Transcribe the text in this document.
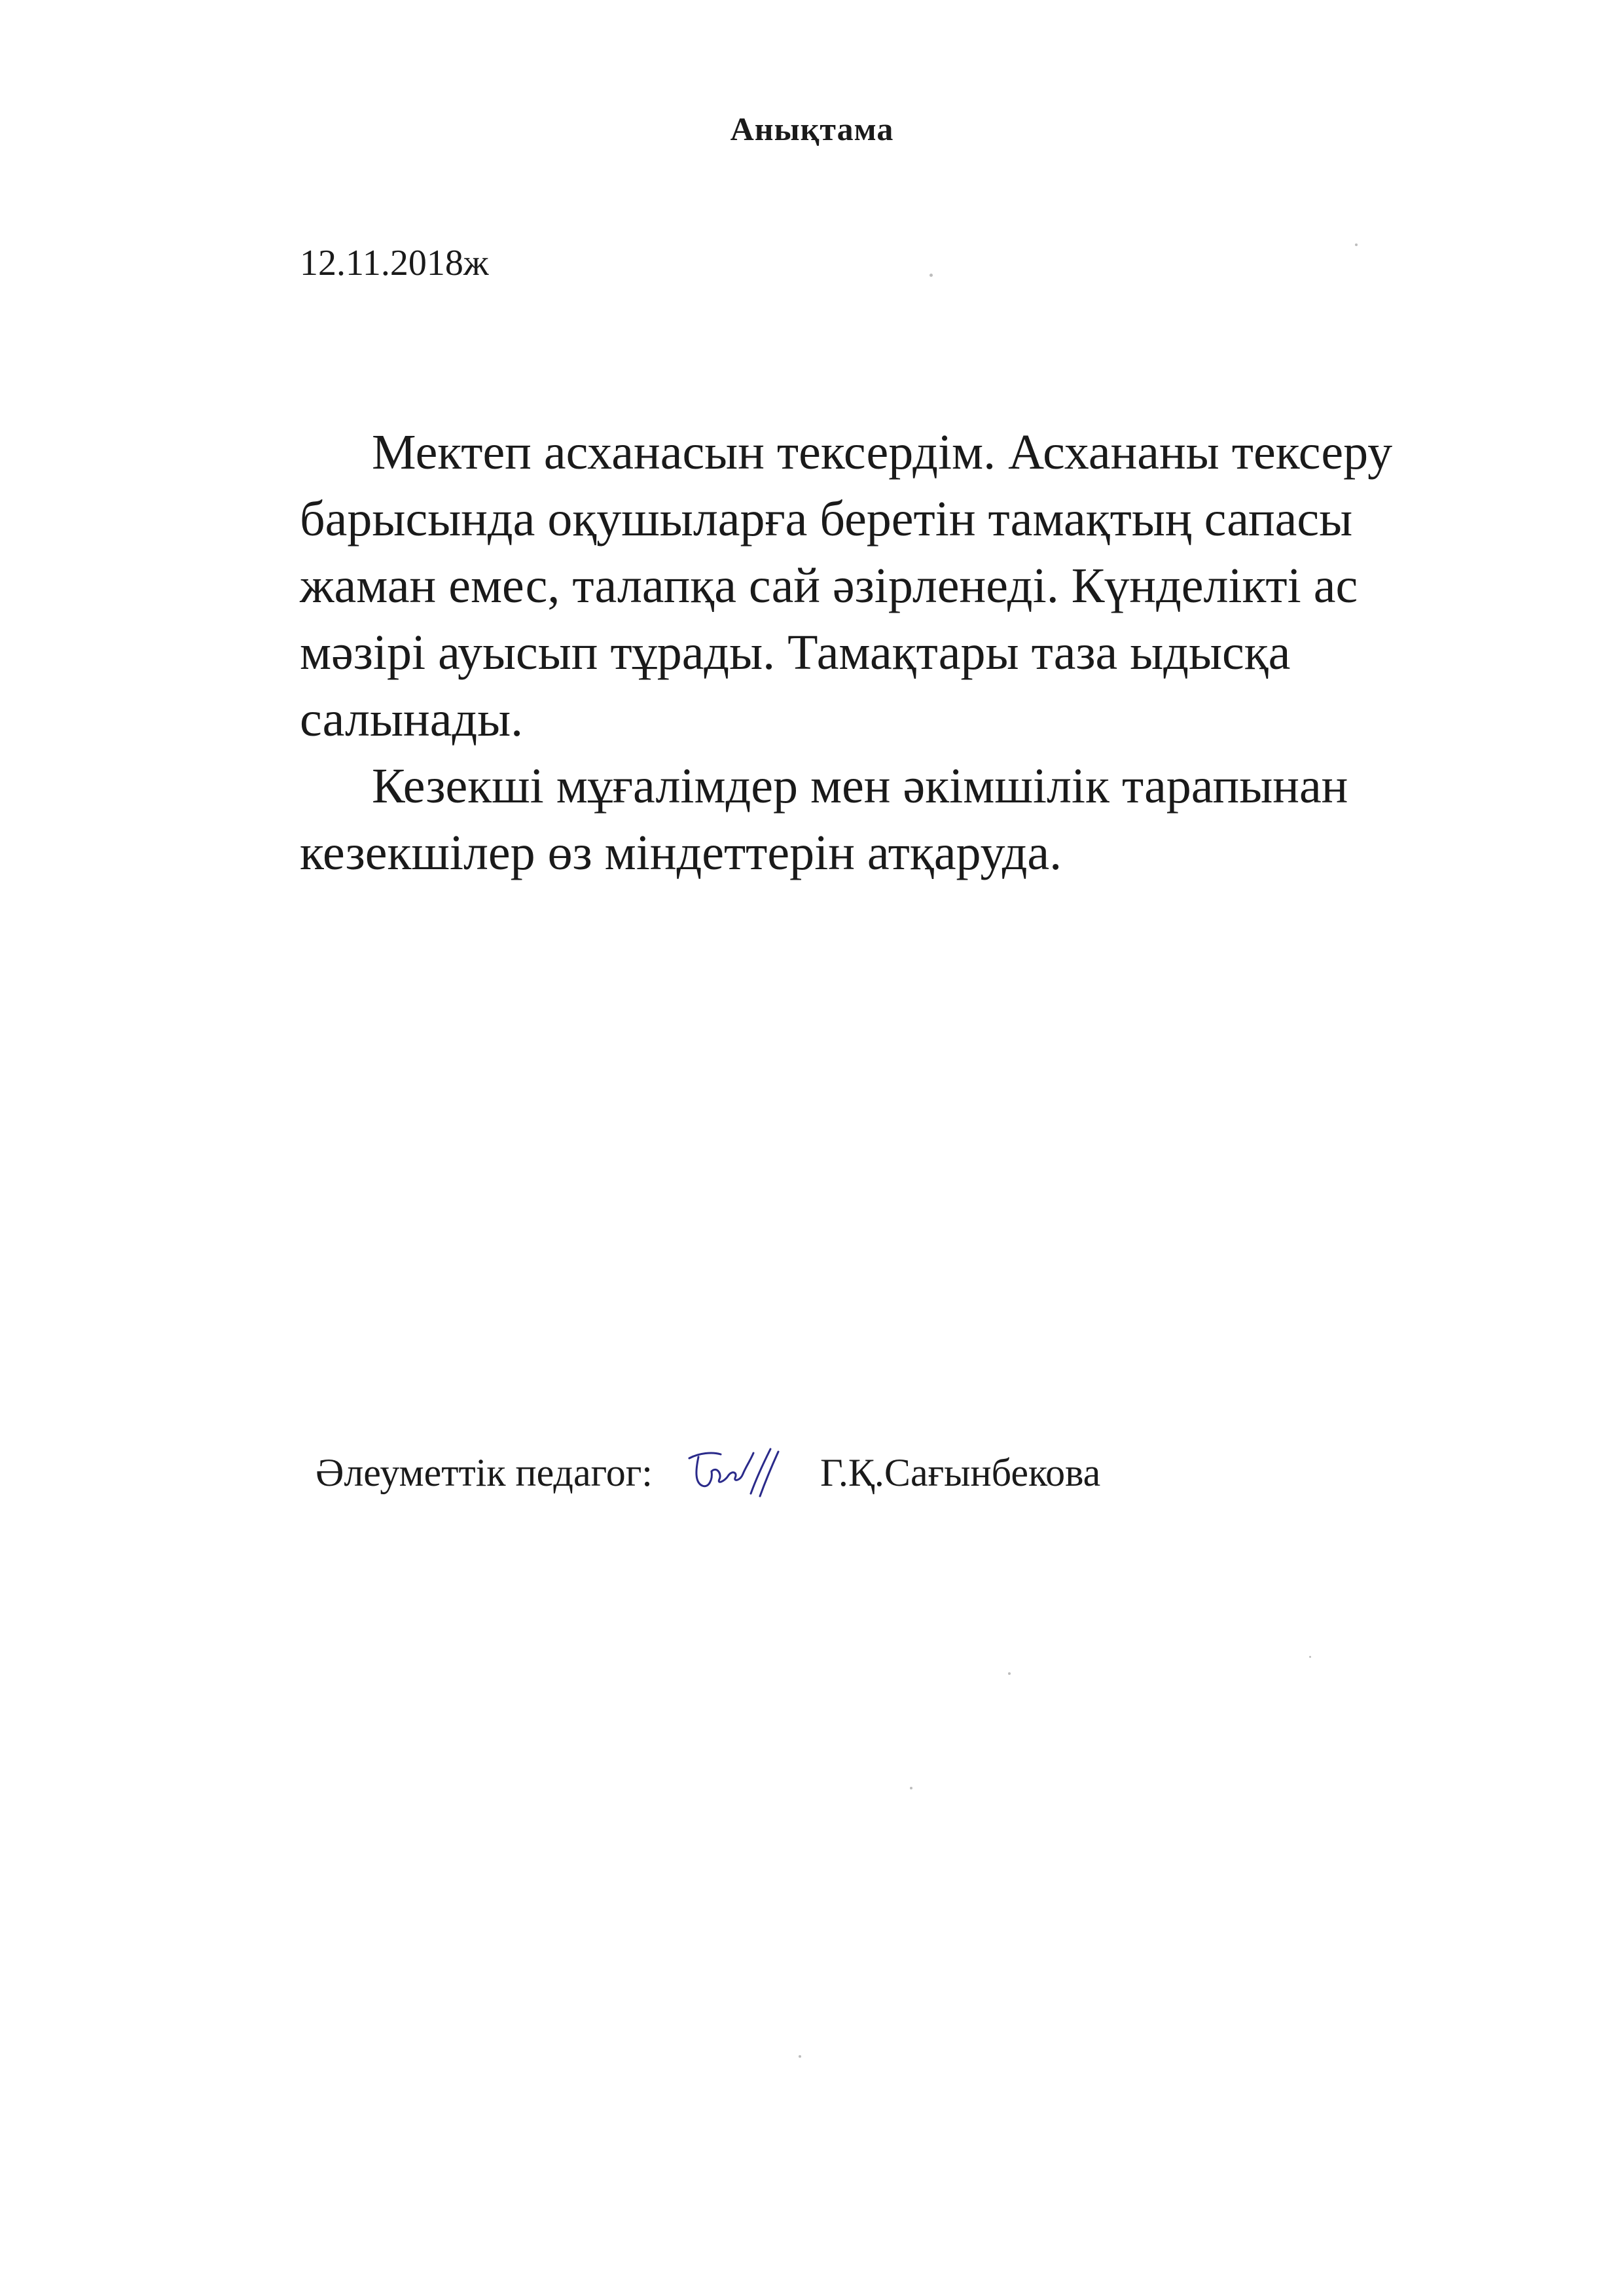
Анықтама
12.11.2018ж

Мектеп асханасын тексердім. Асхананы тексеру
барысында оқушыларға беретін тамақтың сапасы
жаман емес, талапқа сай әзірленеді. Күнделікті ас
мәзірі ауысып тұрады. Тамақтары таза ыдысқа
салынады.

Кезекші мұғалімдер мен әкімшілік тарапынан
кезекшілер өз міндеттерін атқаруда.

Әлеуметтік педагог:	Г.Қ.Сағынбекова
